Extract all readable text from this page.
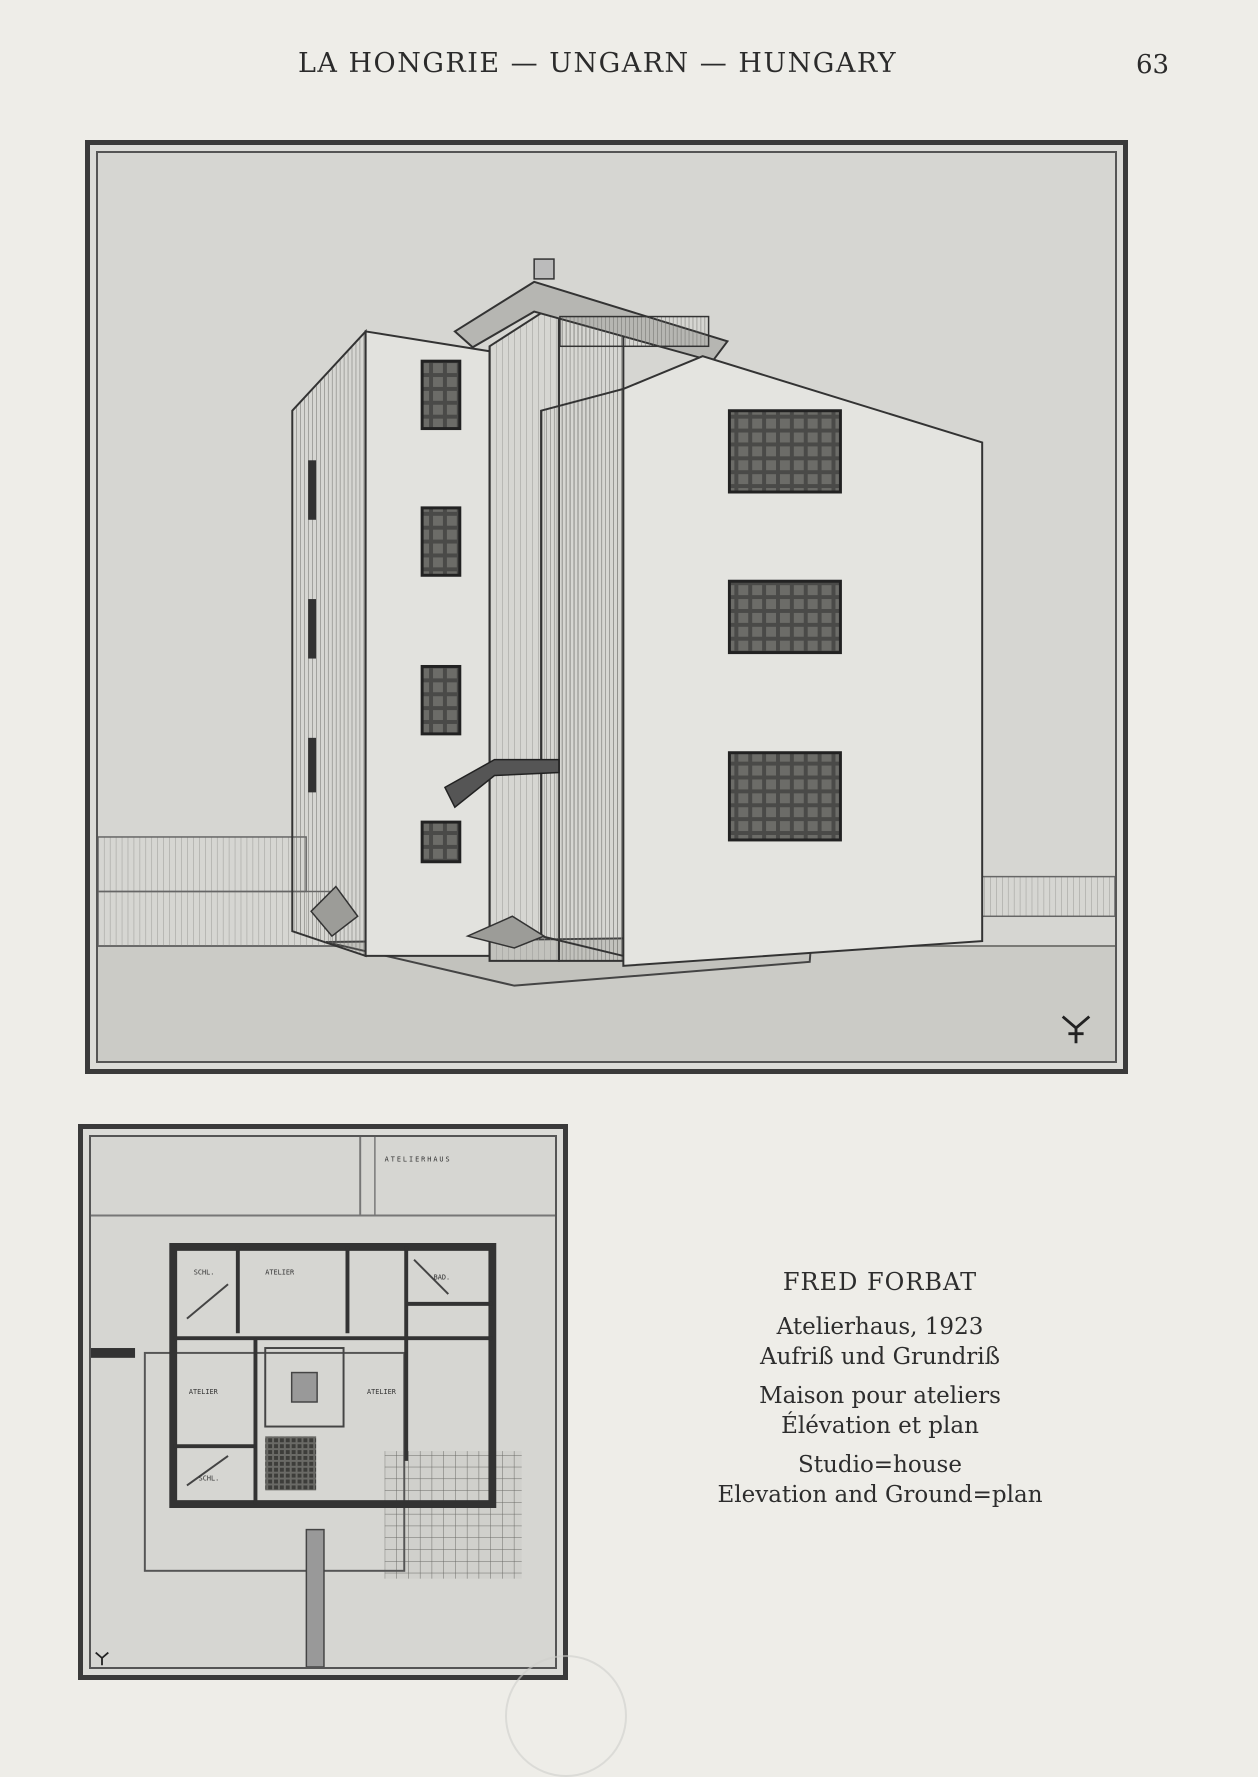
LA HONGRIE — UNGARN — HUNGARY	63
SCHL.	ATELIER
BAD.
ATELIER	ATELIER
SCHL.
ATELIERHAUS
FRED FORBAT
Atelierhaus, 1923
Aufriß und Grundriß
Maison pour ateliers
Élévation et plan
Studio=house
Elevation and Ground=plan
